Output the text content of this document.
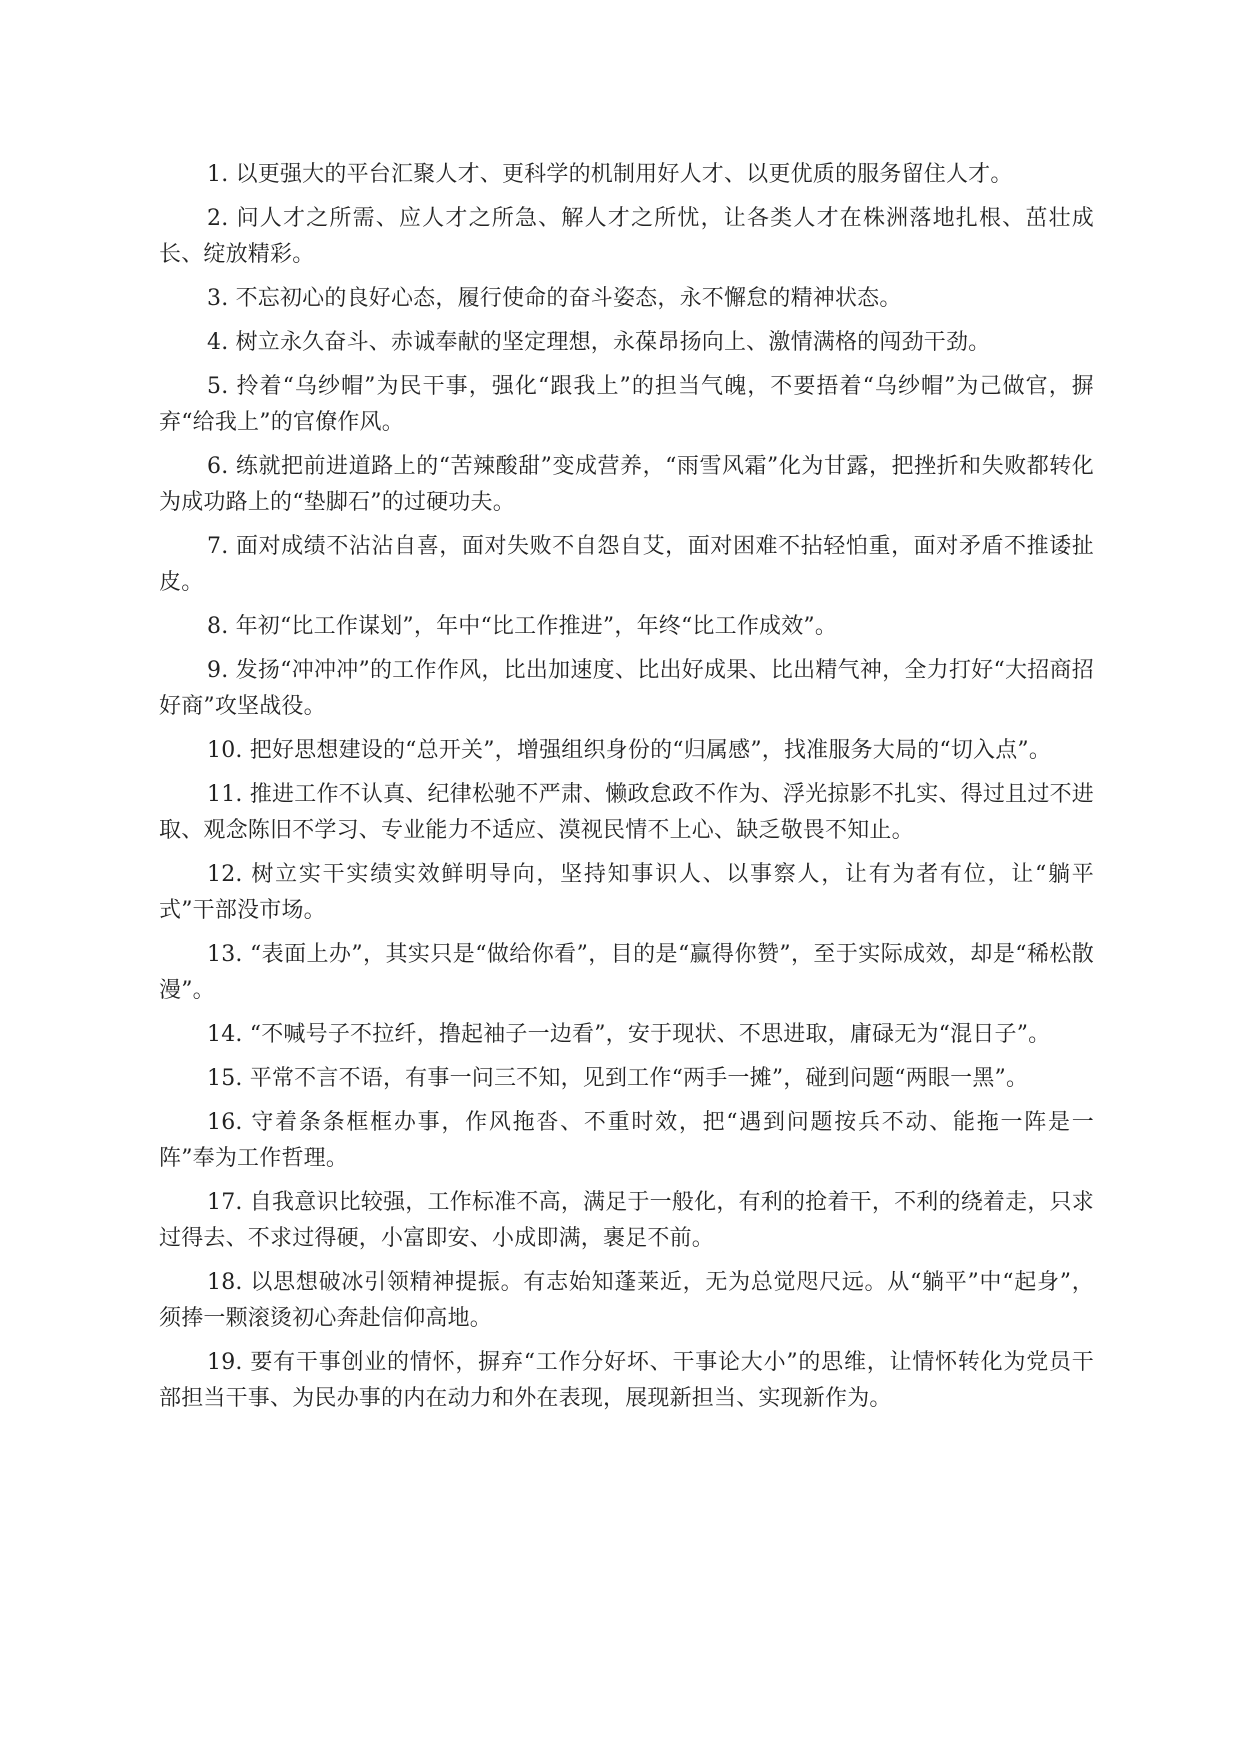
1. 以更强大的平台汇聚人才、更科学的机制用好人才、以更优质的服务留住人才。

2. 问人才之所需、应人才之所急、解人才之所忧，让各类人才在株洲落地扎根、茁壮成长、绽放精彩。

3. 不忘初心的良好心态，履行使命的奋斗姿态，永不懈怠的精神状态。

4. 树立永久奋斗、赤诚奉献的坚定理想，永葆昂扬向上、激情满格的闯劲干劲。

5. 拎着“乌纱帽”为民干事，强化“跟我上”的担当气魄，不要捂着“乌纱帽”为己做官，摒弃“给我上”的官僚作风。

6. 练就把前进道路上的“苦辣酸甜”变成营养，“雨雪风霜”化为甘露，把挫折和失败都转化为成功路上的“垫脚石”的过硬功夫。

7. 面对成绩不沾沾自喜，面对失败不自怨自艾，面对困难不拈轻怕重，面对矛盾不推诿扯皮。

8. 年初“比工作谋划”，年中“比工作推进”，年终“比工作成效”。

9. 发扬“冲冲冲”的工作作风，比出加速度、比出好成果、比出精气神，全力打好“大招商招好商”攻坚战役。

10. 把好思想建设的“总开关”，增强组织身份的“归属感”，找准服务大局的“切入点”。

11. 推进工作不认真、纪律松驰不严肃、懒政怠政不作为、浮光掠影不扎实、得过且过不进取、观念陈旧不学习、专业能力不适应、漠视民情不上心、缺乏敬畏不知止。

12. 树立实干实绩实效鲜明导向，坚持知事识人、以事察人，让有为者有位，让“躺平式”干部没市场。

13. “表面上办”，其实只是“做给你看”，目的是“赢得你赞”，至于实际成效，却是“稀松散漫”。

14. “不喊号子不拉纤，撸起袖子一边看”，安于现状、不思进取，庸碌无为“混日子”。

15. 平常不言不语，有事一问三不知，见到工作“两手一摊”，碰到问题“两眼一黑”。

16. 守着条条框框办事，作风拖沓、不重时效，把“遇到问题按兵不动、能拖一阵是一阵”奉为工作哲理。

17. 自我意识比较强，工作标准不高，满足于一般化，有利的抢着干，不利的绕着走，只求过得去、不求过得硬，小富即安、小成即满，裹足不前。

18. 以思想破冰引领精神提振。有志始知蓬莱近，无为总觉咫尺远。从“躺平”中“起身”，须捧一颗滚烫初心奔赴信仰高地。

19. 要有干事创业的情怀，摒弃“工作分好坏、干事论大小”的思维，让情怀转化为党员干部担当干事、为民办事的内在动力和外在表现，展现新担当、实现新作为。
